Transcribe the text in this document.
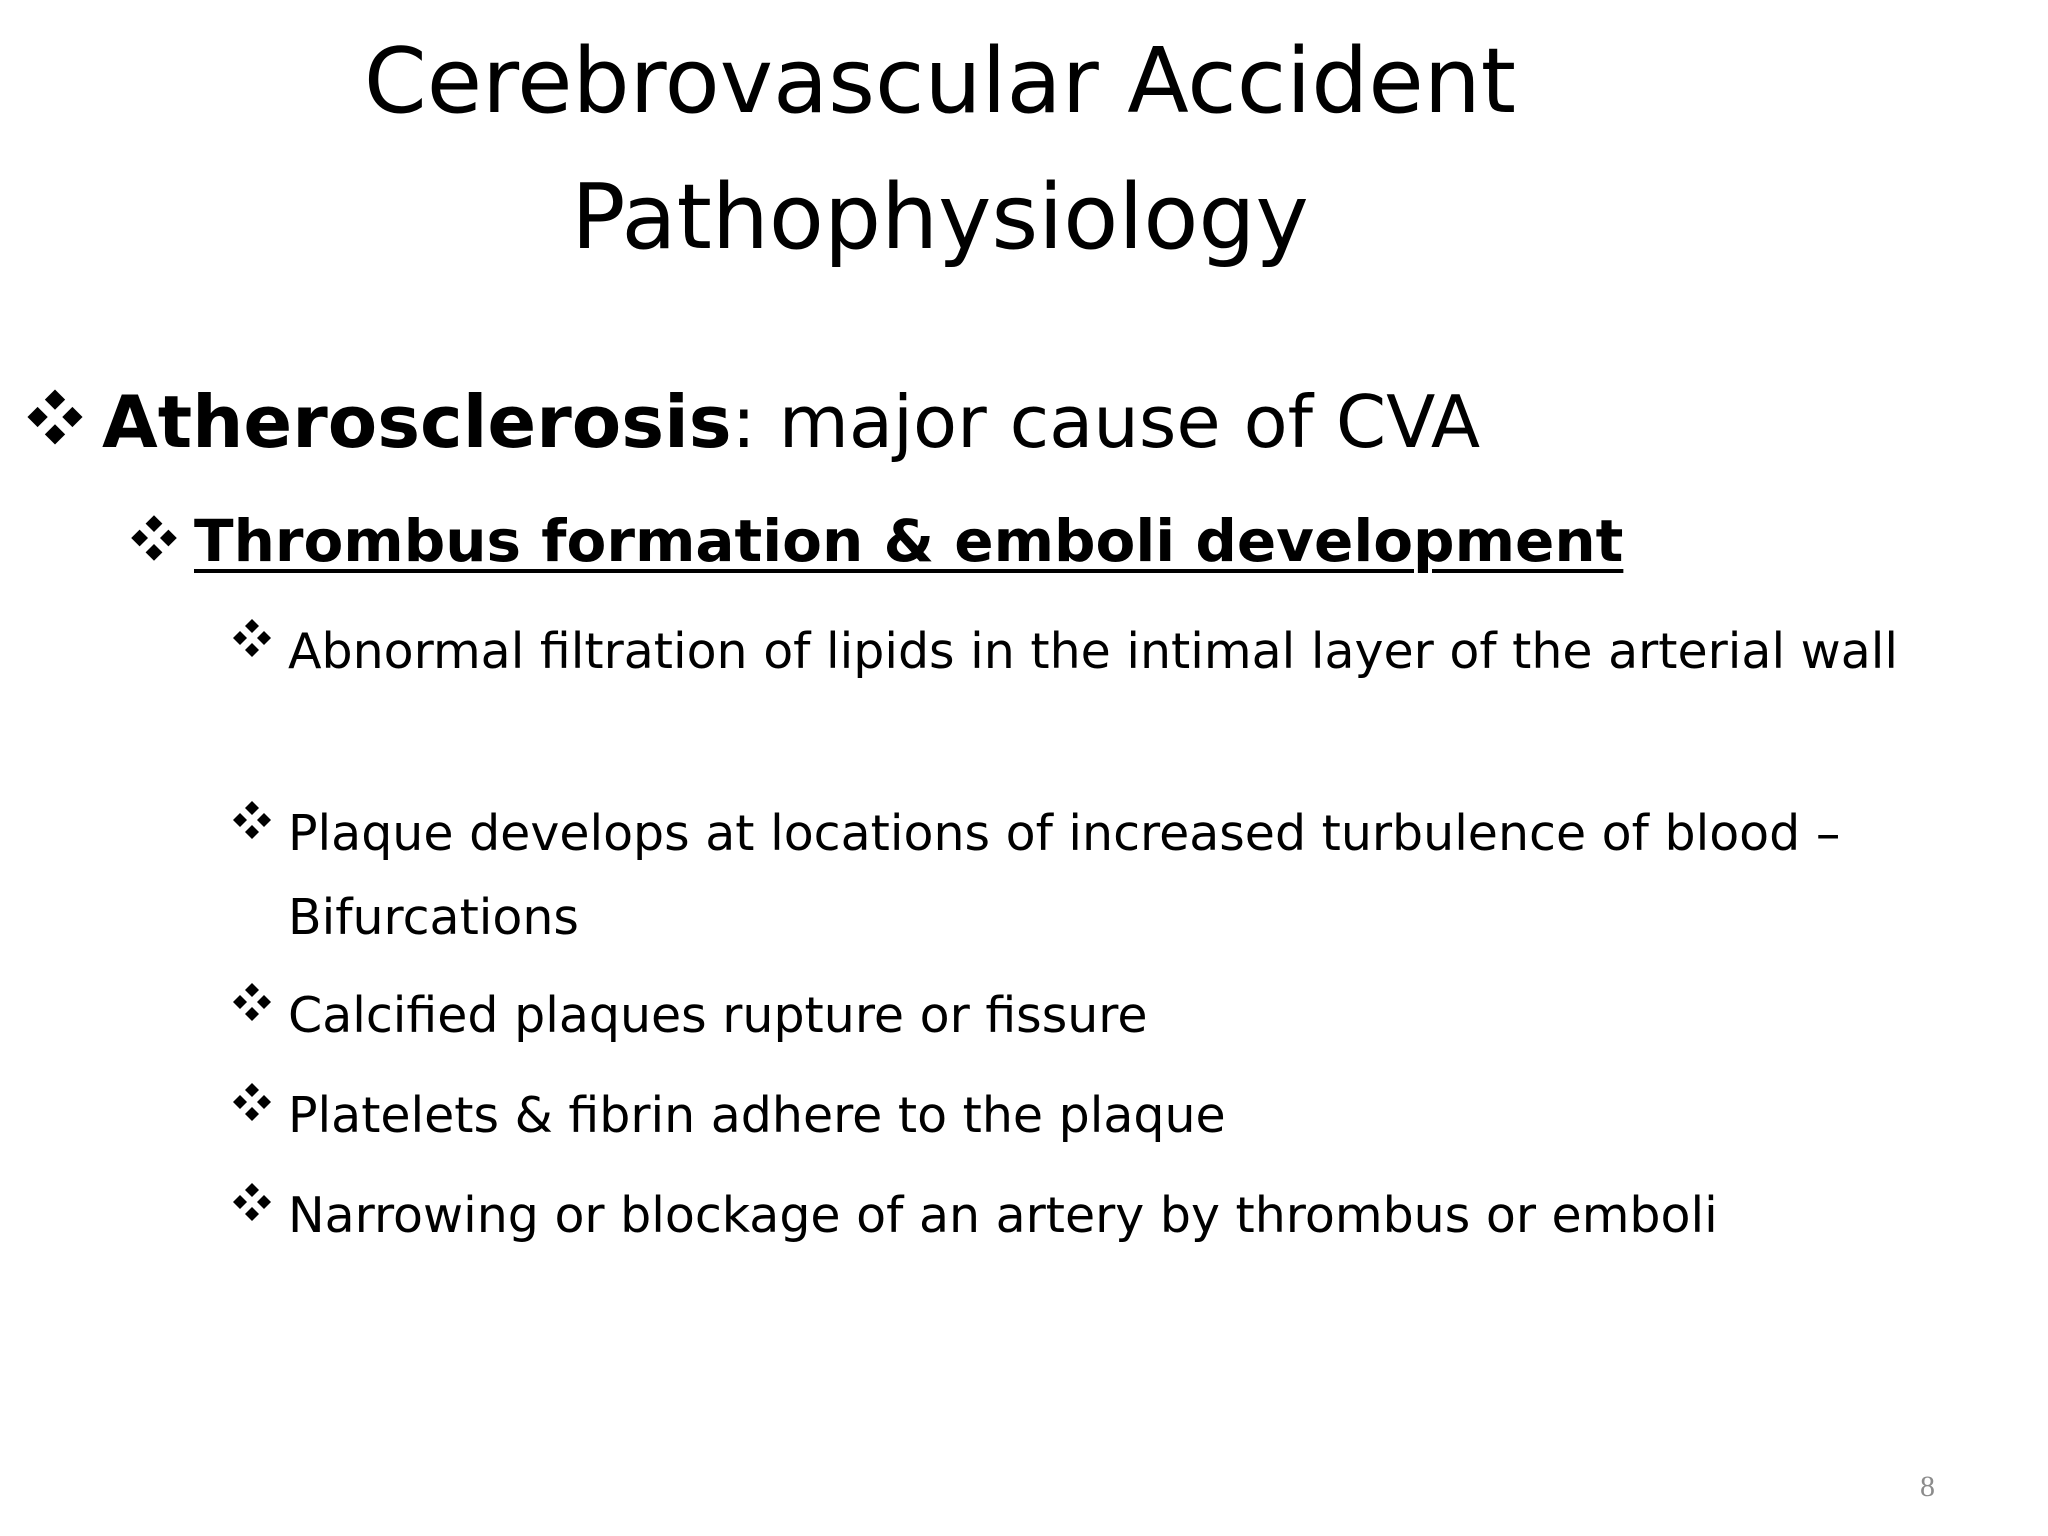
Cerebrovascular Accident
Pathophysiology
Atherosclerosis: major cause of CVA
Thrombus formation & emboli development
Abnormal filtration of lipids in the intimal layer of the arterial wall
Plaque develops at locations of increased turbulence of blood – Bifurcations
Calcified plaques rupture or fissure
Platelets & fibrin adhere to the plaque
Narrowing or blockage of an artery by thrombus or emboli
8
